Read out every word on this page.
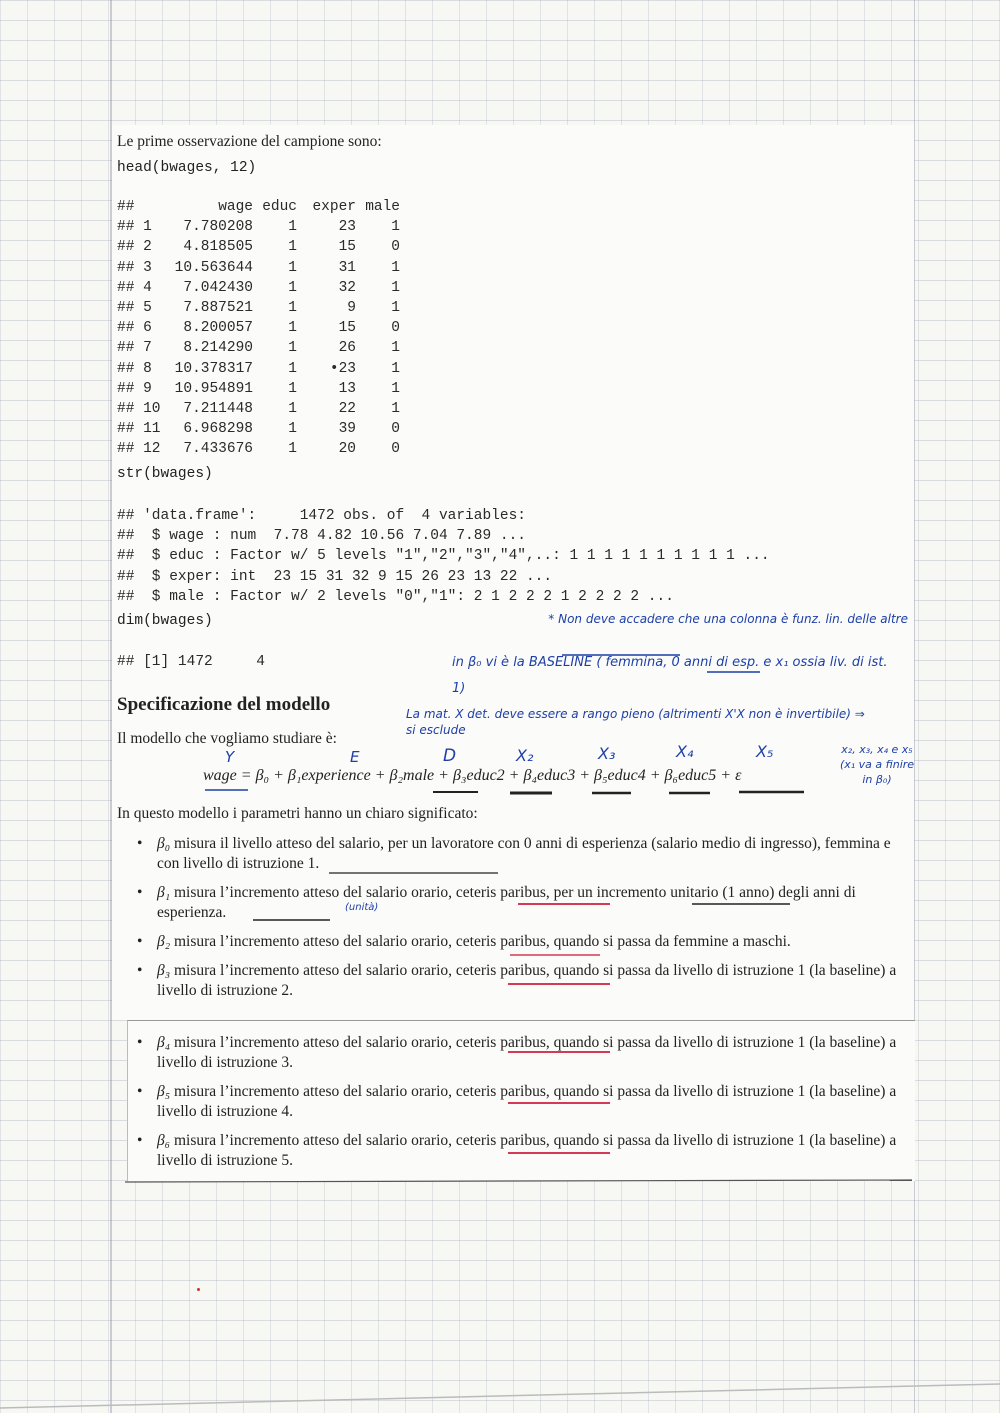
Le prime osservazione del campione sono:
head(bwages, 12)
##	wage	educ	exper	male
## 1	7.780208	1	23	1
## 2	4.818505	1	15	0
## 3	10.563644	1	31	1
## 4	7.042430	1	32	1
## 5	7.887521	1	9	1
## 6	8.200057	1	15	0
## 7	8.214290	1	26	1
## 8	10.378317	1	•23	1
## 9	10.954891	1	13	1
## 10	7.211448	1	22	1
## 11	6.968298	1	39	0
## 12	7.433676	1	20	0
str(bwages)
## 'data.frame':     1472 obs. of  4 variables:
##  $ wage : num  7.78 4.82 10.56 7.04 7.89 ...
##  $ educ : Factor w/ 5 levels "1","2","3","4",..: 1 1 1 1 1 1 1 1 1 1 ...
##  $ exper: int  23 15 31 32 9 15 26 23 13 22 ...
##  $ male : Factor w/ 2 levels "0","1": 2 1 2 2 2 1 2 2 2 2 ...
dim(bwages)
## [1] 1472     4
Specificazione del modello
Il modello che vogliamo studiare è:
wage = β₀ + β₁experience + β₂male + β₃educ2 + β₄educ3 + β₅educ4 + β₆educ5 + ε
In questo modello i parametri hanno un chiaro significato:
• β₀ misura il livello atteso del salario, per un lavoratore con 0 anni di esperienza (salario medio di ingresso), femmina e con livello di istruzione 1.
• β₁ misura l’incremento atteso del salario orario, ceteris paribus, per un incremento unitario (1 anno) degli anni di esperienza.
• β₂ misura l’incremento atteso del salario orario, ceteris paribus, quando si passa da femmine a maschi.
• β₃ misura l’incremento atteso del salario orario, ceteris paribus, quando si passa da livello di istruzione 1 (la baseline) a livello di istruzione 2.
• β₄ misura l’incremento atteso del salario orario, ceteris paribus, quando si passa da livello di istruzione 1 (la baseline) a livello di istruzione 3.
• β₅ misura l’incremento atteso del salario orario, ceteris paribus, quando si passa da livello di istruzione 1 (la baseline) a livello di istruzione 4.
• β₆ misura l’incremento atteso del salario orario, ceteris paribus, quando si passa da livello di istruzione 1 (la baseline) a livello di istruzione 5.
* Non deve accadere che una colonna è funz. lin. delle altre
in β₀ vi è la BASELINE ( femmina, 0 anni di esp. e x₁ ossia liv. di ist. 1)
La mat. X det. deve essere a rango pieno (altrimenti X'X non è invertibile) ⇒ si esclude
x₂, x₃, x₄ e x₅ (x₁ va a finire in β₀)
Y	E	D	X₂	X₃	X₄	X₅
(unità)
